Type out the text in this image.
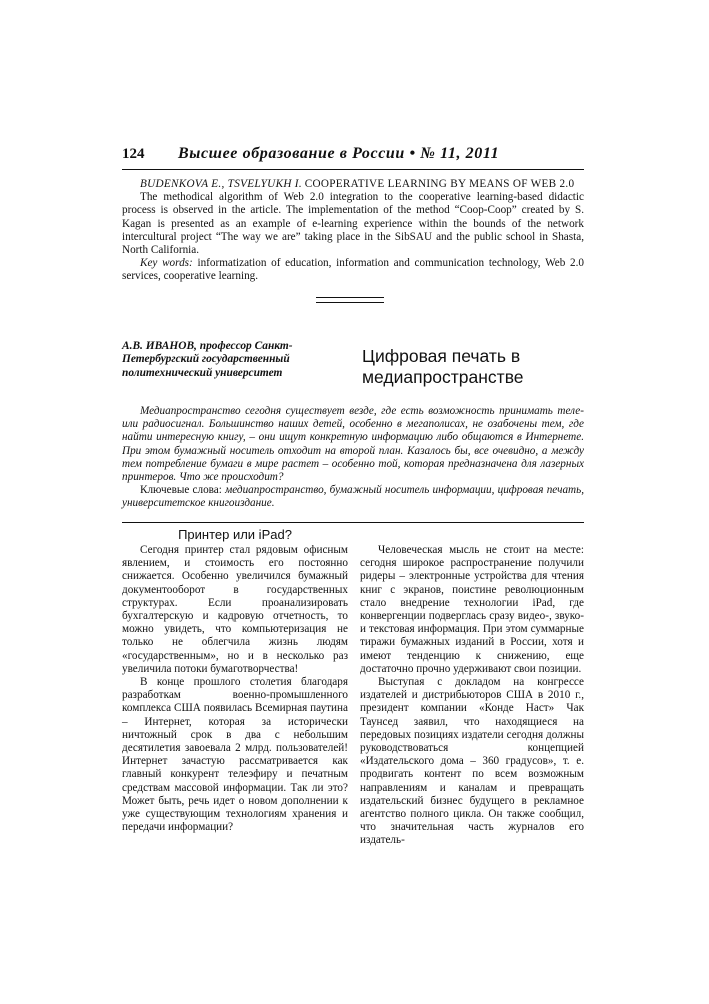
124 Высшее образование в России • № 11, 2011

BUDENKOVA E., TSVELYUKH I. COOPERATIVE LEARNING BY MEANS OF WEB 2.0

The methodical algorithm of Web 2.0 integration to the cooperative learning-based didactic process is observed in the article. The implementation of the method “Coop-Coop” created by S. Kagan is presented as an example of e-learning experience within the bounds of the network intercultural project “The way we are” taking place in the SibSAU and the public school in Shasta, North California.

Key words: informatization of education, information and communication technology, Web 2.0 services, cooperative learning.

А.В. ИВАНОВ, профессор Санкт-Петербургский государственный политехнический университет
Цифровая печать в медиапространстве

Медиапространство сегодня существует везде, где есть возможность принимать теле- или радиосигнал. Большинство наших детей, особенно в мегаполисах, не озабочены тем, где найти интересную книгу, – они ищут конкретную информацию либо общаются в Интернете. При этом бумажный носитель отходит на второй план. Казалось бы, все очевидно, а между тем потребление бумаги в мире растет – особенно той, которая предназначена для лазерных принтеров. Что же происходит?

Ключевые слова: медиапространство, бумажный носитель информации, цифровая печать, университетское книгоиздание.

Принтер или iPad?

Сегодня принтер стал рядовым офисным явлением, и стоимость его постоянно снижается. Особенно увеличился бумажный документооборот в государственных структурах. Если проанализировать бухгалтерскую и кадровую отчетность, то можно увидеть, что компьютеризация не только не облегчила жизнь людям «государственным», но и в несколько раз увеличила потоки бумаготворчества!

В конце прошлого столетия благодаря разработкам военно-промышленного комплекса США появилась Всемирная паутина – Интернет, которая за исторически ничтожный срок в два с небольшим десятилетия завоевала 2 млрд. пользователей! Интернет зачастую рассматривается как главный конкурент телеэфиру и печатным средствам массовой информации. Так ли это? Может быть, речь идет о новом дополнении к уже существующим технологиям хранения и передачи информации?

Человеческая мысль не стоит на месте: сегодня широкое распространение получили ридеры – электронные устройства для чтения книг с экранов, поистине революционным стало внедрение технологии iPad, где конвергенции подверглась сразу видео-, звуко- и текстовая информация. При этом суммарные тиражи бумажных изданий в России, хотя и имеют тенденцию к снижению, еще достаточно прочно удерживают свои позиции.

Выступая с докладом на конгрессе издателей и дистрибьюторов США в 2010 г., президент компании «Конде Наст» Чак Таунсед заявил, что находящиеся на передовых позициях издатели сегодня должны руководствоваться концепцией «Издательского дома – 360 градусов», т. е. продвигать контент по всем возможным направлениям и каналам и превращать издательский бизнес будущего в рекламное агентство полного цикла. Он также сообщил, что значительная часть журналов его издатель-
